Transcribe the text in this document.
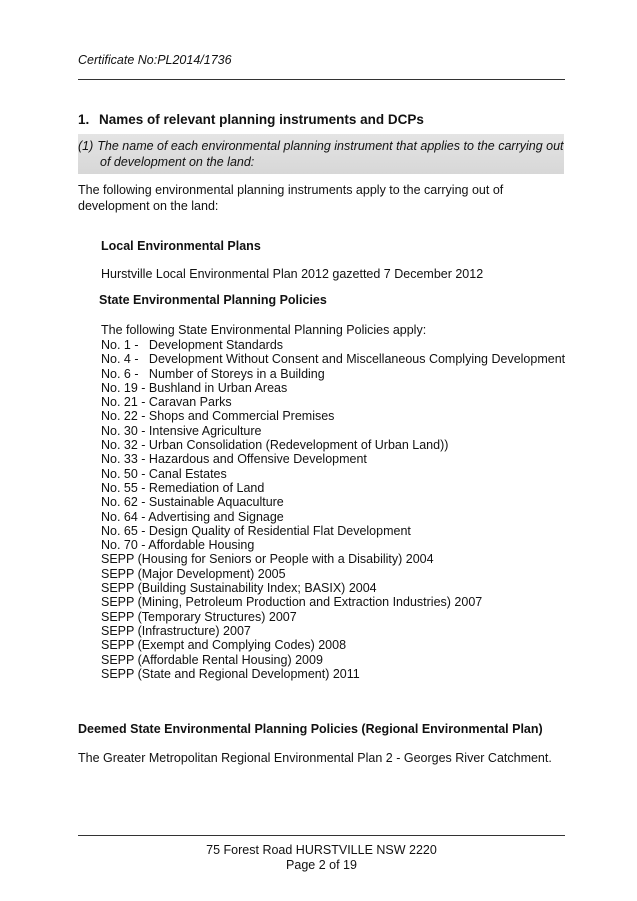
Certificate No:PL2014/1736
1. Names of relevant planning instruments and DCPs
(1) The name of each environmental planning instrument that applies to the carrying out
of development on the land:
The following environmental planning instruments apply to the carrying out of development on the land:
Local Environmental Plans
Hurstville Local Environmental Plan 2012 gazetted 7 December 2012
State Environmental Planning Policies
The following State Environmental Planning Policies apply:
No. 1 -   Development Standards
No. 4 -   Development Without Consent and Miscellaneous Complying Development
No. 6 -   Number of Storeys in a Building
No. 19 - Bushland in Urban Areas
No. 21 - Caravan Parks
No. 22 - Shops and Commercial Premises
No. 30 - Intensive Agriculture
No. 32 - Urban Consolidation (Redevelopment of Urban Land))
No. 33 - Hazardous and Offensive Development
No. 50 - Canal Estates
No. 55 - Remediation of Land
No. 62 - Sustainable Aquaculture
No. 64 - Advertising and Signage
No. 65 - Design Quality of Residential Flat Development
No. 70 - Affordable Housing
SEPP (Housing for Seniors or People with a Disability) 2004
SEPP (Major Development) 2005
SEPP (Building Sustainability Index; BASIX) 2004
SEPP (Mining, Petroleum Production and Extraction Industries) 2007
SEPP (Temporary Structures) 2007
SEPP (Infrastructure) 2007
SEPP (Exempt and Complying Codes) 2008
SEPP (Affordable Rental Housing) 2009
SEPP (State and Regional Development) 2011
Deemed State Environmental Planning Policies (Regional Environmental Plan)
The Greater Metropolitan Regional Environmental Plan 2 - Georges River Catchment.
75 Forest Road HURSTVILLE NSW 2220
Page 2 of 19
